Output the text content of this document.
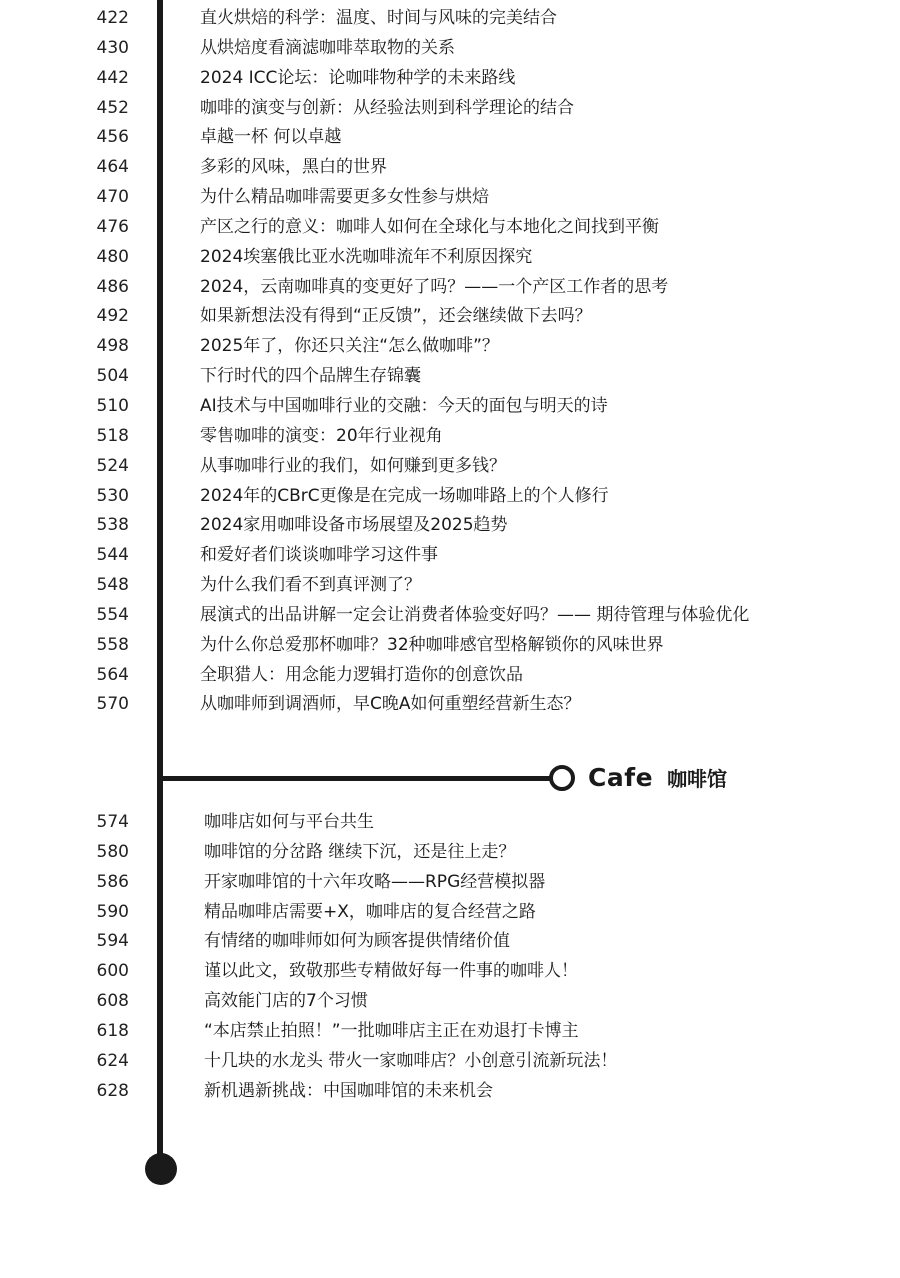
Cafe 咖啡馆
422	直火烘焙的科学：温度、时间与风味的完美结合
430	从烘焙度看滴滤咖啡萃取物的关系
442	2024 ICC论坛：论咖啡物种学的未来路线
452	咖啡的演变与创新：从经验法则到科学理论的结合
456	卓越一杯 何以卓越
464	多彩的风味，黑白的世界
470	为什么精品咖啡需要更多女性参与烘焙
476	产区之行的意义：咖啡人如何在全球化与本地化之间找到平衡
480	2024埃塞俄比亚水洗咖啡流年不利原因探究
486	2024，云南咖啡真的变更好了吗？——一个产区工作者的思考
492	如果新想法没有得到“正反馈”，还会继续做下去吗？
498	2025年了，你还只关注“怎么做咖啡”？
504	下行时代的四个品牌生存锦囊
510	AI技术与中国咖啡行业的交融：今天的面包与明天的诗
518	零售咖啡的演变：20年行业视角
524	从事咖啡行业的我们，如何赚到更多钱？
530	2024年的CBrC更像是在完成一场咖啡路上的个人修行
538	2024家用咖啡设备市场展望及2025趋势
544	和爱好者们谈谈咖啡学习这件事
548	为什么我们看不到真评测了？
554	展演式的出品讲解一定会让消费者体验变好吗？—— 期待管理与体验优化
558	为什么你总爱那杯咖啡？32种咖啡感官型格解锁你的风味世界
564	全职猎人：用念能力逻辑打造你的创意饮品
570	从咖啡师到调酒师，早C晚A如何重塑经营新生态？
574	咖啡店如何与平台共生
580	咖啡馆的分岔路 继续下沉，还是往上走？
586	开家咖啡馆的十六年攻略——RPG经营模拟器
590	精品咖啡店需要+X，咖啡店的复合经营之路
594	有情绪的咖啡师如何为顾客提供情绪价值
600	谨以此文，致敬那些专精做好每一件事的咖啡人！
608	高效能门店的7个习惯
618	“本店禁止拍照！”一批咖啡店主正在劝退打卡博主
624	十几块的水龙头 带火一家咖啡店？小创意引流新玩法！
628	新机遇新挑战：中国咖啡馆的未来机会
